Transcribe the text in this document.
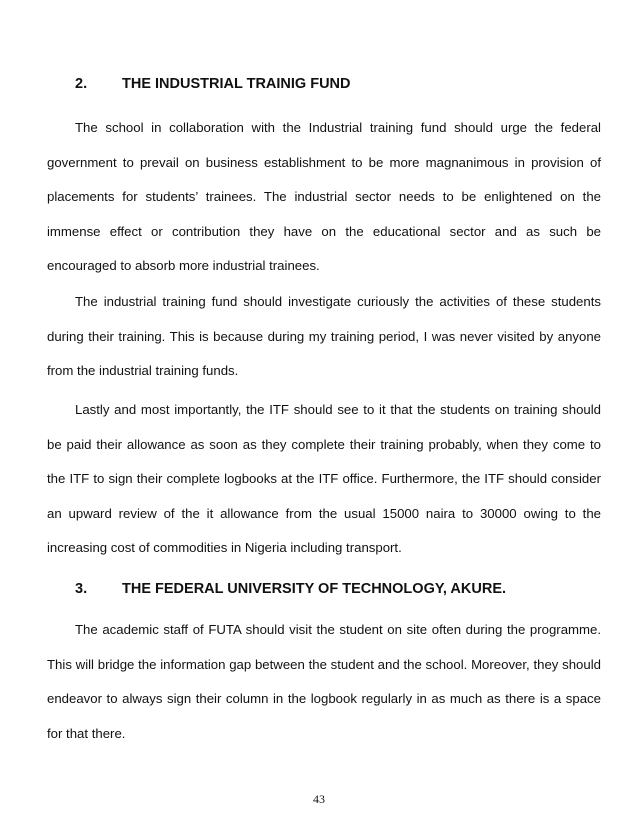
2. THE INDUSTRIAL TRAINIG FUND

The school in collaboration with the Industrial training fund should urge the federal government to prevail on business establishment to be more magnanimous in provision of placements for students’ trainees. The industrial sector needs to be enlightened on the immense effect or contribution they have on the educational sector and as such be encouraged to absorb more industrial trainees.

The industrial training fund should investigate curiously the activities of these students during their training. This is because during my training period, I was never visited by anyone from the industrial training funds.

Lastly and most importantly, the ITF should see to it that the students on training should be paid their allowance as soon as they complete their training probably, when they come to the ITF to sign their complete logbooks at the ITF office. Furthermore, the ITF should consider an upward review of the it allowance from the usual 15000 naira to 30000 owing to the increasing cost of commodities in Nigeria including transport.

3. THE FEDERAL UNIVERSITY OF TECHNOLOGY, AKURE.

The academic staff of FUTA should visit the student on site often during the programme. This will bridge the information gap between the student and the school. Moreover, they should endeavor to always sign their column in the logbook regularly in as much as there is a space for that there.

43
